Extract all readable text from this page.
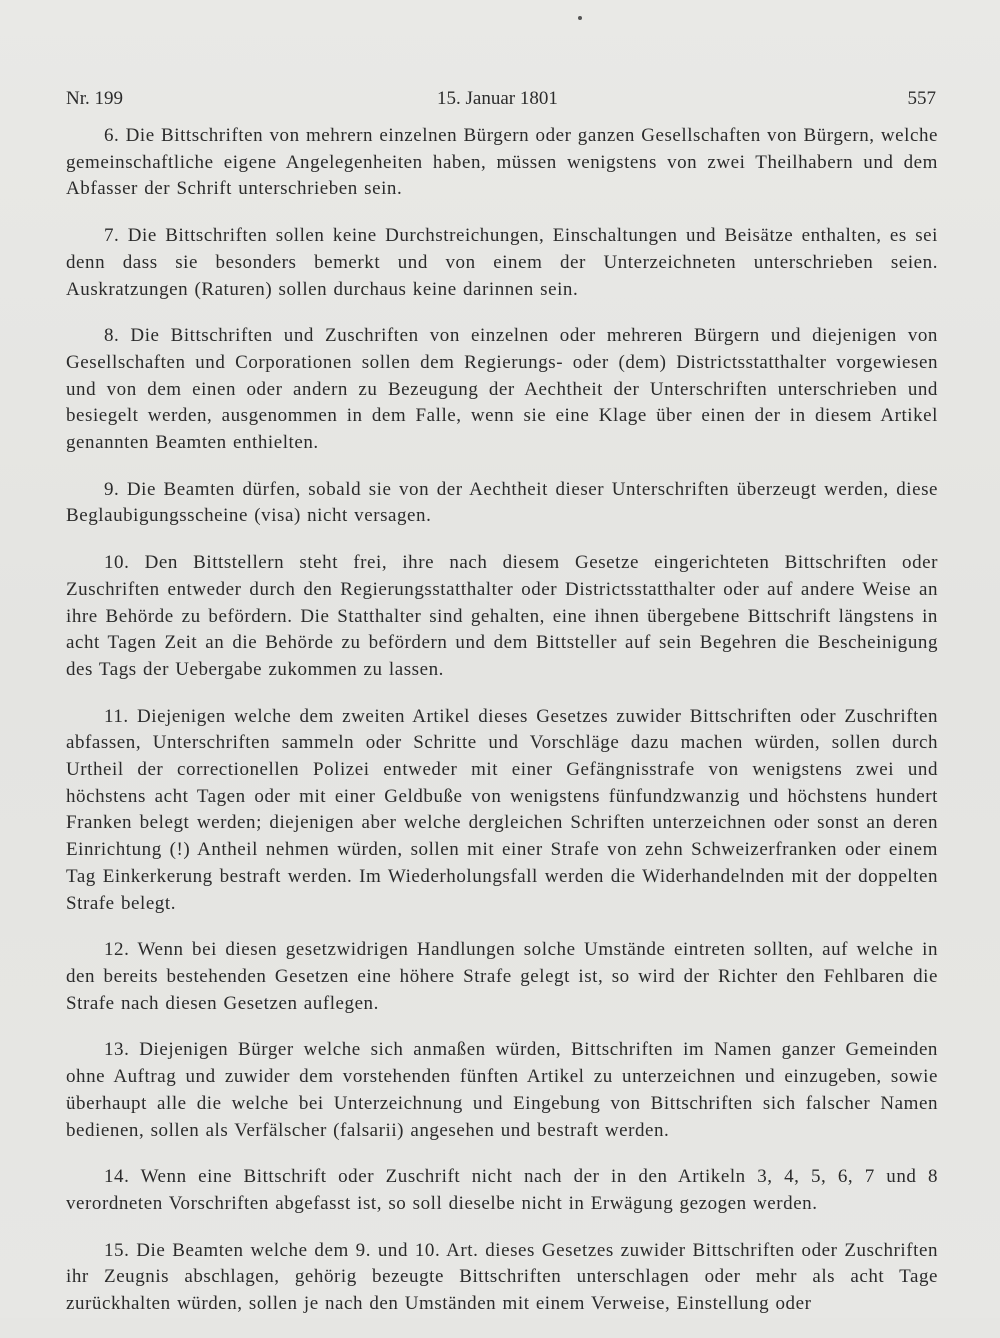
Nr. 199	15. Januar 1801	557

6. Die Bittschriften von mehrern einzelnen Bürgern oder ganzen Gesellschaften von Bürgern, welche gemeinschaftliche eigene Angelegenheiten haben, müssen wenigstens von zwei Theilhabern und dem Abfasser der Schrift unterschrieben sein.

7. Die Bittschriften sollen keine Durchstreichungen, Einschaltungen und Beisätze enthalten, es sei denn dass sie besonders bemerkt und von einem der Unterzeichneten unterschrieben seien. Auskratzungen (Raturen) sollen durchaus keine darinnen sein.

8. Die Bittschriften und Zuschriften von einzelnen oder mehreren Bürgern und diejenigen von Gesellschaften und Corporationen sollen dem Regierungs- oder (dem) Districtsstatthalter vorgewiesen und von dem einen oder andern zu Bezeugung der Aechtheit der Unterschriften unterschrieben und besiegelt werden, ausgenommen in dem Falle, wenn sie eine Klage über einen der in diesem Artikel genannten Beamten enthielten.

9. Die Beamten dürfen, sobald sie von der Aechtheit dieser Unterschriften überzeugt werden, diese Beglaubigungsscheine (visa) nicht versagen.

10. Den Bittstellern steht frei, ihre nach diesem Gesetze eingerichteten Bittschriften oder Zuschriften entweder durch den Regierungsstatthalter oder Districtsstatthalter oder auf andere Weise an ihre Behörde zu befördern. Die Statthalter sind gehalten, eine ihnen übergebene Bittschrift längstens in acht Tagen Zeit an die Behörde zu befördern und dem Bittsteller auf sein Begehren die Bescheinigung des Tags der Uebergabe zukommen zu lassen.

11. Diejenigen welche dem zweiten Artikel dieses Gesetzes zuwider Bittschriften oder Zuschriften abfassen, Unterschriften sammeln oder Schritte und Vorschläge dazu machen würden, sollen durch Urtheil der correctionellen Polizei entweder mit einer Gefängnisstrafe von wenigstens zwei und höchstens acht Tagen oder mit einer Geldbuße von wenigstens fünfundzwanzig und höchstens hundert Franken belegt werden; diejenigen aber welche dergleichen Schriften unterzeichnen oder sonst an deren Einrichtung (!) Antheil nehmen würden, sollen mit einer Strafe von zehn Schweizerfranken oder einem Tag Einkerkerung bestraft werden. Im Wiederholungsfall werden die Widerhandelnden mit der doppelten Strafe belegt.

12. Wenn bei diesen gesetzwidrigen Handlungen solche Umstände eintreten sollten, auf welche in den bereits bestehenden Gesetzen eine höhere Strafe gelegt ist, so wird der Richter den Fehlbaren die Strafe nach diesen Gesetzen auflegen.

13. Diejenigen Bürger welche sich anmaßen würden, Bittschriften im Namen ganzer Gemeinden ohne Auftrag und zuwider dem vorstehenden fünften Artikel zu unterzeichnen und einzugeben, sowie überhaupt alle die welche bei Unterzeichnung und Eingebung von Bittschriften sich falscher Namen bedienen, sollen als Verfälscher (falsarii) angesehen und bestraft werden.

14. Wenn eine Bittschrift oder Zuschrift nicht nach der in den Artikeln 3, 4, 5, 6, 7 und 8 verordneten Vorschriften abgefasst ist, so soll dieselbe nicht in Erwägung gezogen werden.

15. Die Beamten welche dem 9. und 10. Art. dieses Gesetzes zuwider Bittschriften oder Zuschriften ihr Zeugnis abschlagen, gehörig bezeugte Bittschriften unterschlagen oder mehr als acht Tage zurückhalten würden, sollen je nach den Umständen mit einem Verweise, Einstellung oder
